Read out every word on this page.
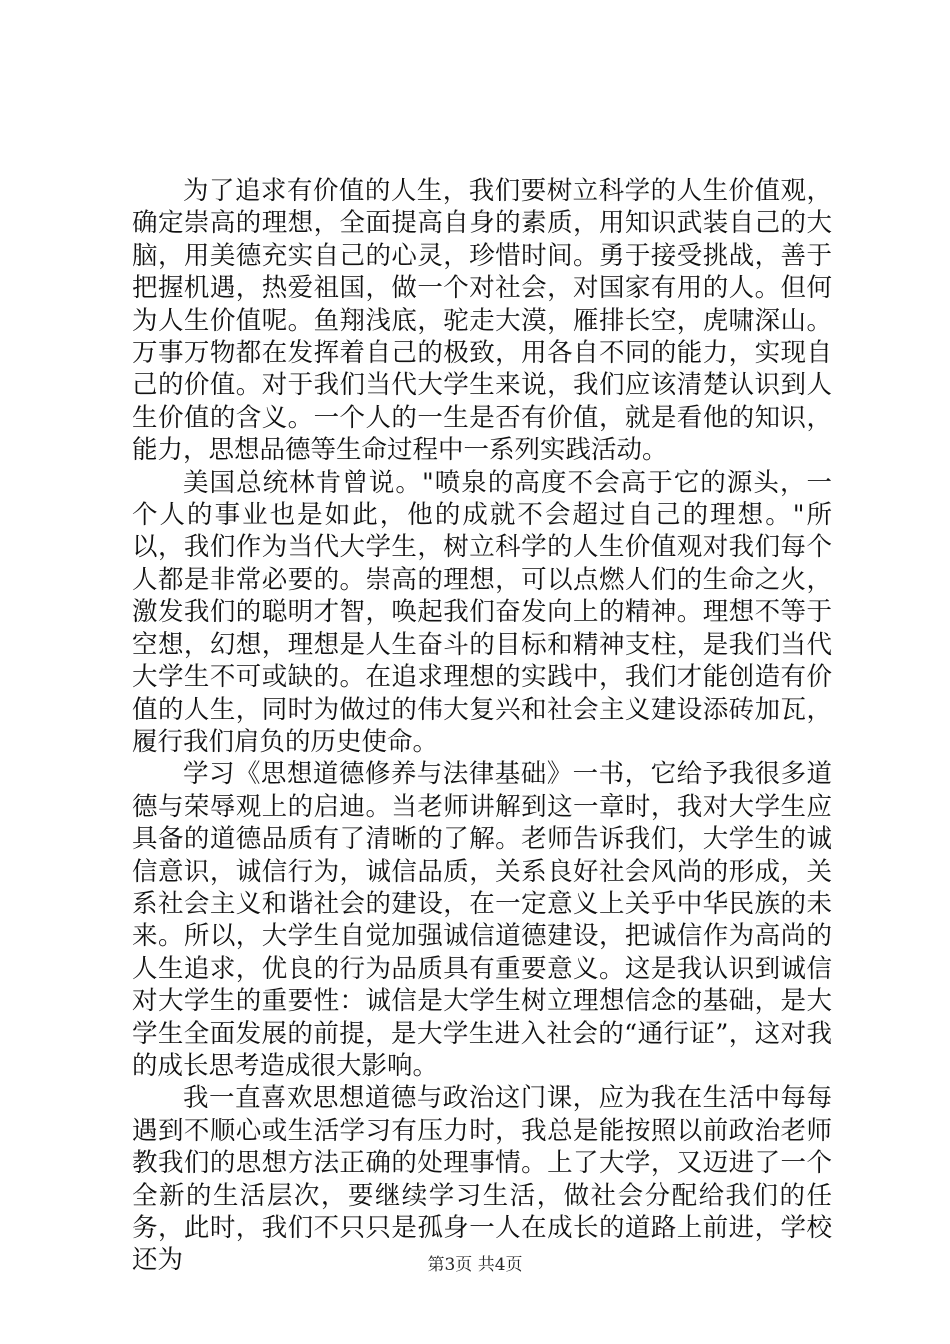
为了追求有价值的人生，我们要树立科学的人生价值观，确定崇高的理想，全面提高自身的素质，用知识武装自己的大脑，用美德充实自己的心灵，珍惜时间。勇于接受挑战，善于把握机遇，热爱祖国，做一个对社会，对国家有用的人。但何为人生价值呢。鱼翔浅底，驼走大漠，雁排长空，虎啸深山。万事万物都在发挥着自己的极致，用各自不同的能力，实现自己的价值。对于我们当代大学生来说，我们应该清楚认识到人生价值的含义。一个人的一生是否有价值，就是看他的知识，能力，思想品德等生命过程中一系列实践活动。

美国总统林肯曾说。"喷泉的高度不会高于它的源头，一个人的事业也是如此，他的成就不会超过自己的理想。"所以，我们作为当代大学生，树立科学的人生价值观对我们每个人都是非常必要的。崇高的理想，可以点燃人们的生命之火，激发我们的聪明才智，唤起我们奋发向上的精神。理想不等于空想，幻想，理想是人生奋斗的目标和精神支柱，是我们当代大学生不可或缺的。在追求理想的实践中，我们才能创造有价值的人生，同时为做过的伟大复兴和社会主义建设添砖加瓦，履行我们肩负的历史使命。

学习《思想道德修养与法律基础》一书，它给予我很多道德与荣辱观上的启迪。当老师讲解到这一章时，我对大学生应具备的道德品质有了清晰的了解。老师告诉我们，大学生的诚信意识，诚信行为，诚信品质，关系良好社会风尚的形成，关系社会主义和谐社会的建设，在一定意义上关乎中华民族的未来。所以，大学生自觉加强诚信道德建设，把诚信作为高尚的人生追求，优良的行为品质具有重要意义。这是我认识到诚信对大学生的重要性：诚信是大学生树立理想信念的基础，是大学生全面发展的前提，是大学生进入社会的“通行证”，这对我的成长思考造成很大影响。

我一直喜欢思想道德与政治这门课，应为我在生活中每每遇到不顺心或生活学习有压力时，我总是能按照以前政治老师教我们的思想方法正确的处理事情。上了大学，又迈进了一个全新的生活层次，要继续学习生活，做社会分配给我们的任务，此时，我们不只只是孤身一人在成长的道路上前进，学校还为	第3页 共4页
